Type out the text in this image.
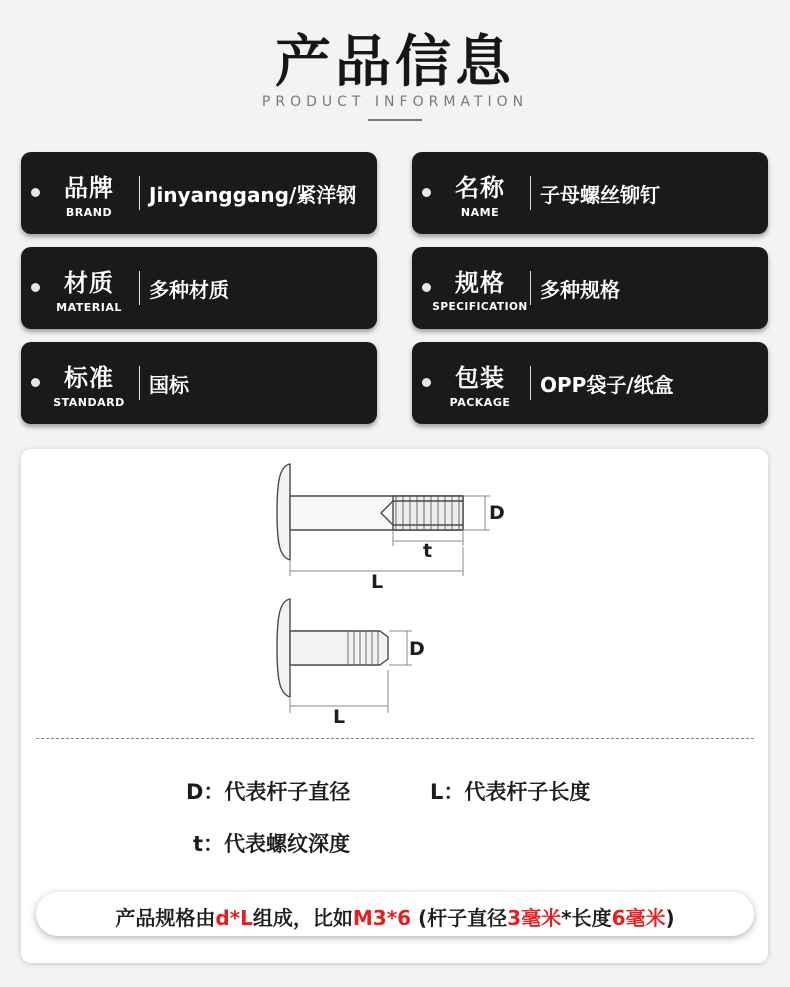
产品信息
PRODUCT INFORMATION
品牌
BRAND
Jinyanggang/紧洋钢	名称
NAME
子母螺丝铆钉
材质
MATERIAL
多种材质	规格
SPECIFICATION
多种规格
标准
STANDARD
国标	包装
PACKAGE
OPP袋子/纸盒
D
t
L
D
L
D：代表杆子直径	L：代表杆子长度
t：代表螺纹深度
产品规格由d*L组成，比如M3*6 (杆子直径3毫米*长度6毫米)
